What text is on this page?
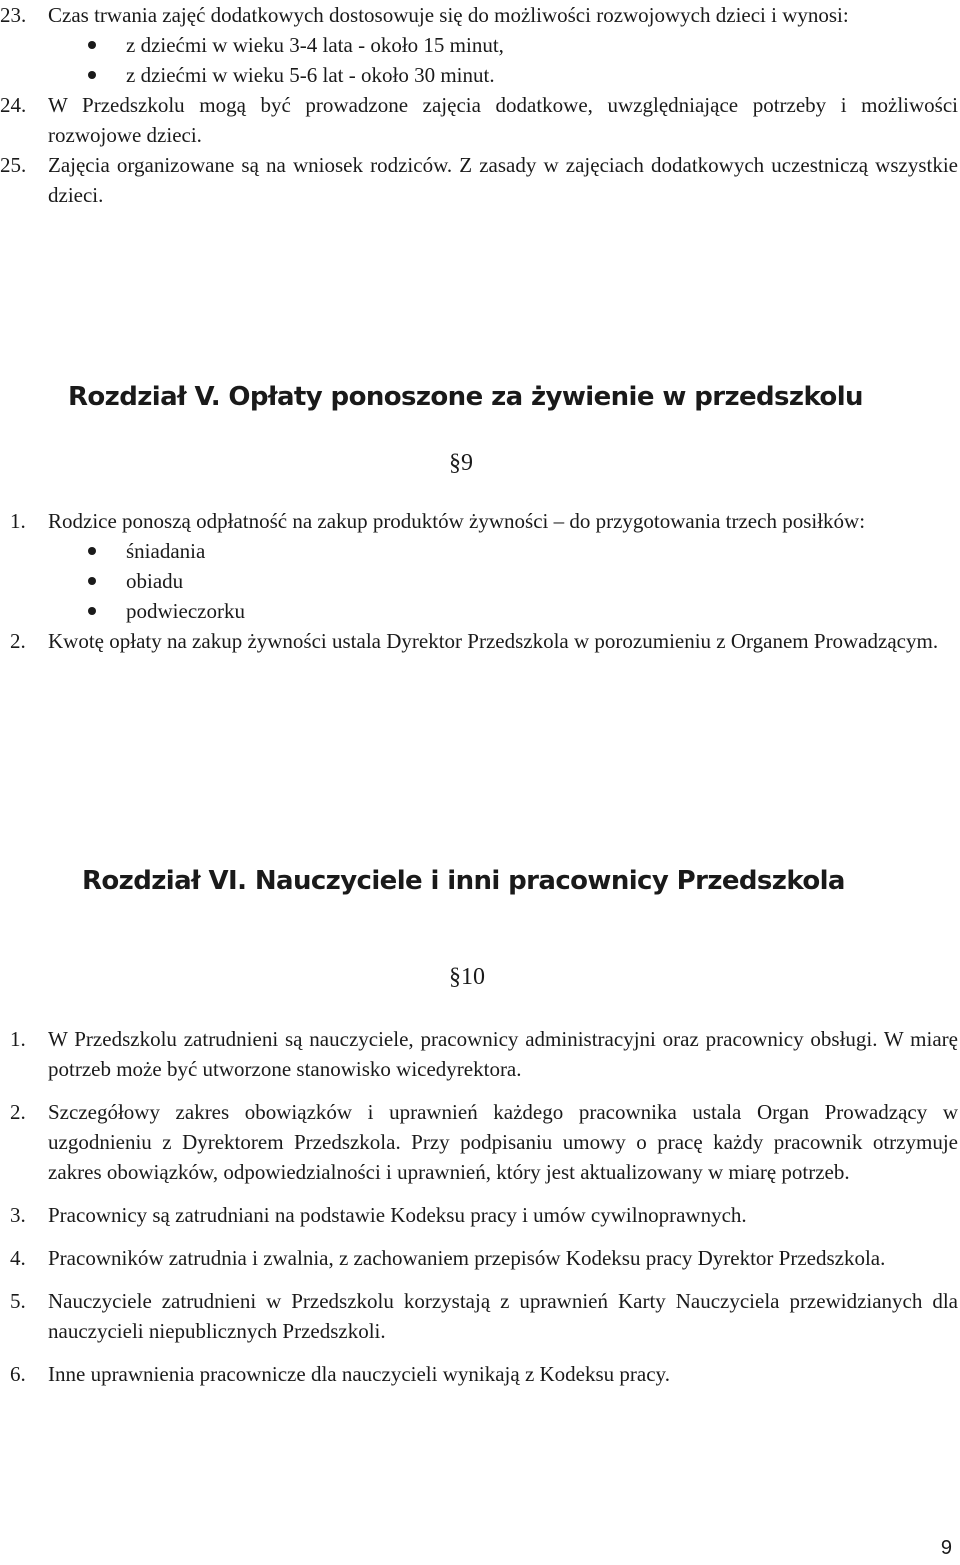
23.	Czas trwania zajęć dodatkowych dostosowuje się do możliwości rozwojowych dzieci i wynosi:
z dziećmi w wieku 3-4 lata - około 15 minut,
z dziećmi w wieku 5-6 lat - około 30 minut.
24.	W Przedszkolu mogą być prowadzone zajęcia dodatkowe, uwzględniające potrzeby i możliwości rozwojowe dzieci.
25.	Zajęcia organizowane są na wniosek rodziców. Z zasady w zajęciach dodatkowych uczestniczą wszystkie dzieci.
Rozdział V. Opłaty ponoszone za żywienie w przedszkolu
§9
1.	Rodzice ponoszą odpłatność na zakup produktów żywności – do przygotowania trzech posiłków:
śniadania
obiadu
podwieczorku
2.	Kwotę opłaty na zakup żywności ustala Dyrektor Przedszkola w porozumieniu z Organem Prowadzącym.
Rozdział VI. Nauczyciele i inni pracownicy Przedszkola
§10
1.	W Przedszkolu zatrudnieni są nauczyciele, pracownicy administracyjni oraz pracownicy obsługi. W miarę potrzeb może być utworzone stanowisko wicedyrektora.
2.	Szczegółowy zakres obowiązków i uprawnień każdego pracownika ustala Organ Prowadzący w uzgodnieniu z Dyrektorem Przedszkola. Przy podpisaniu umowy o pracę każdy pracownik otrzymuje zakres obowiązków, odpowiedzialności i uprawnień, który jest aktualizowany w miarę potrzeb.
3.	Pracownicy są zatrudniani na podstawie Kodeksu pracy i umów cywilnoprawnych.
4.	Pracowników zatrudnia i zwalnia, z zachowaniem przepisów Kodeksu pracy Dyrektor Przedszkola.
5.	Nauczyciele zatrudnieni w Przedszkolu korzystają z uprawnień Karty Nauczyciela przewidzianych dla nauczycieli niepublicznych Przedszkoli.
6.	Inne uprawnienia pracownicze dla nauczycieli wynikają z Kodeksu pracy.
9
